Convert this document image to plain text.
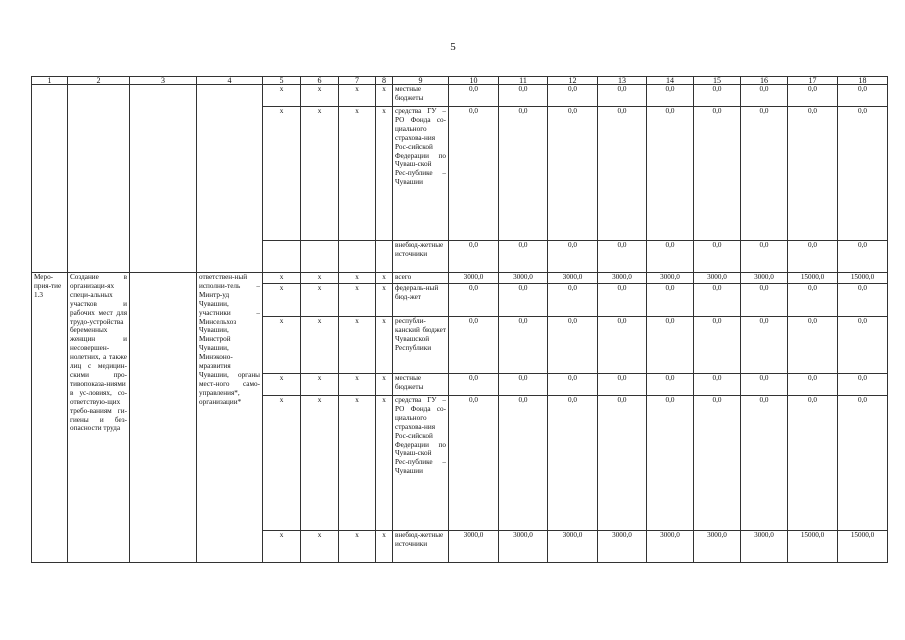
5
1	2	3	4	5	6	7	8	9	10	11	12	13	14	15	16	17	18
				x	x	x	x	местные бюджеты	0,0	0,0	0,0	0,0	0,0	0,0	0,0	0,0	0,0
				x	x	x	x	средства ГУ – РО Фонда со-циального страхова-ния Рос-сийской Федерации по Чуваш-ской Рес-публике – Чувашии	0,0	0,0	0,0	0,0	0,0	0,0	0,0	0,0	0,0
								внебюд-жетные источники	0,0	0,0	0,0	0,0	0,0	0,0	0,0	0,0	0,0
Меро-прия-тие 1.3	Создание в организаци-ях специ-альных участков и рабочих мест для трудо-устройства беременных женщин и несовершен-нолетних, а также лиц с медицин-скими про-тивопоказа-ниями в ус-ловиях, со-ответствую-щих требо-ваниям ги-гиены и без-опасности труда		ответствен-ный исполни-тель – Минтр-уд Чувашии, участники – Минсельхоз Чувашии, Минстрой Чувашии, Минэконо-мразвития Чувашии, органы мест-ного само-управления*, организации*	x	x	x	x	всего	3000,0	3000,0	3000,0	3000,0	3000,0	3000,0	3000,0	15000,0	15000,0
				x	x	x	x	федераль-ный бюд-жет	0,0	0,0	0,0	0,0	0,0	0,0	0,0	0,0	0,0
				x	x	x	x	республи-канский бюджет Чувашской Республики	0,0	0,0	0,0	0,0	0,0	0,0	0,0	0,0	0,0
				x	x	x	x	местные бюджеты	0,0	0,0	0,0	0,0	0,0	0,0	0,0	0,0	0,0
				x	x	x	x	средства ГУ – РО Фонда со-циального страхова-ния Рос-сийской Федерации по Чуваш-ской Рес-публике – Чувашии	0,0	0,0	0,0	0,0	0,0	0,0	0,0	0,0	0,0
				x	x	x	x	внебюд-жетные источники	3000,0	3000,0	3000,0	3000,0	3000,0	3000,0	3000,0	15000,0	15000,0
